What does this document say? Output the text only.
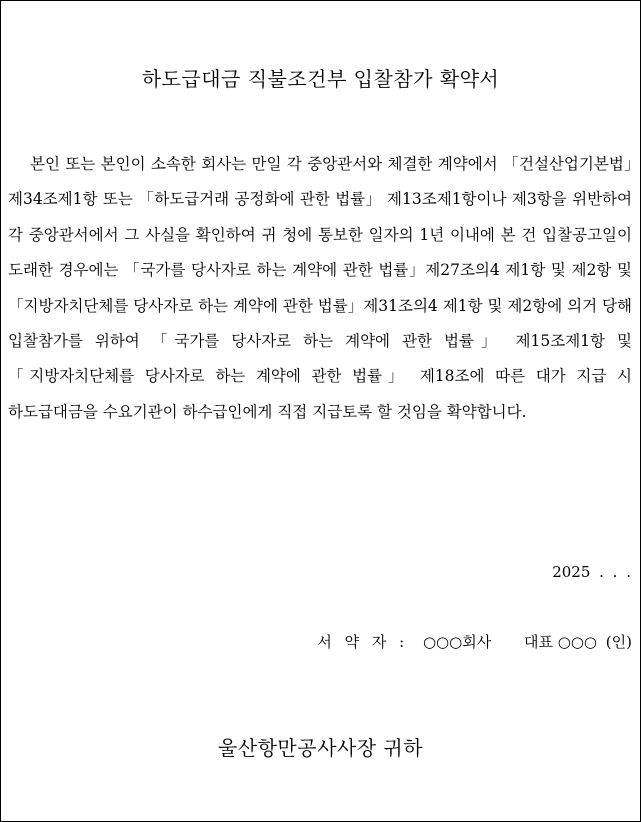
하도급대금 직불조건부 입찰참가 확약서

본인 또는 본인이 소속한 회사는 만일 각 중앙관서와 체결한 계약에서 「건설산업기본법」제34조제1항 또는 「하도급거래 공정화에 관한 법률」 제13조제1항이나 제3항을 위반하여 각 중앙관서에서 그 사실을 확인하여 귀 청에 통보한 일자의 1년 이내에 본 건 입찰공고일이 도래한 경우에는 「국가를 당사자로 하는 계약에 관한 법률」제27조의4 제1항 및 제2항 및 「지방자치단체를 당사자로 하는 계약에 관한 법률」제31조의4 제1항 및 제2항에 의거 당해 입찰참가를 위하여 「국가를 당사자로 하는 계약에 관한 법률」 제15조제1항 및 「지방자치단체를 당사자로 하는 계약에 관한 법률」 제18조에 따른 대가 지급 시 하도급대금을 수요기관이 하수급인에게 직접 지급토록 할 것임을 확약합니다.

2025 . . .
서 약 자 : ○○○회사 대표 ○○○ (인)
울산항만공사사장 귀하
